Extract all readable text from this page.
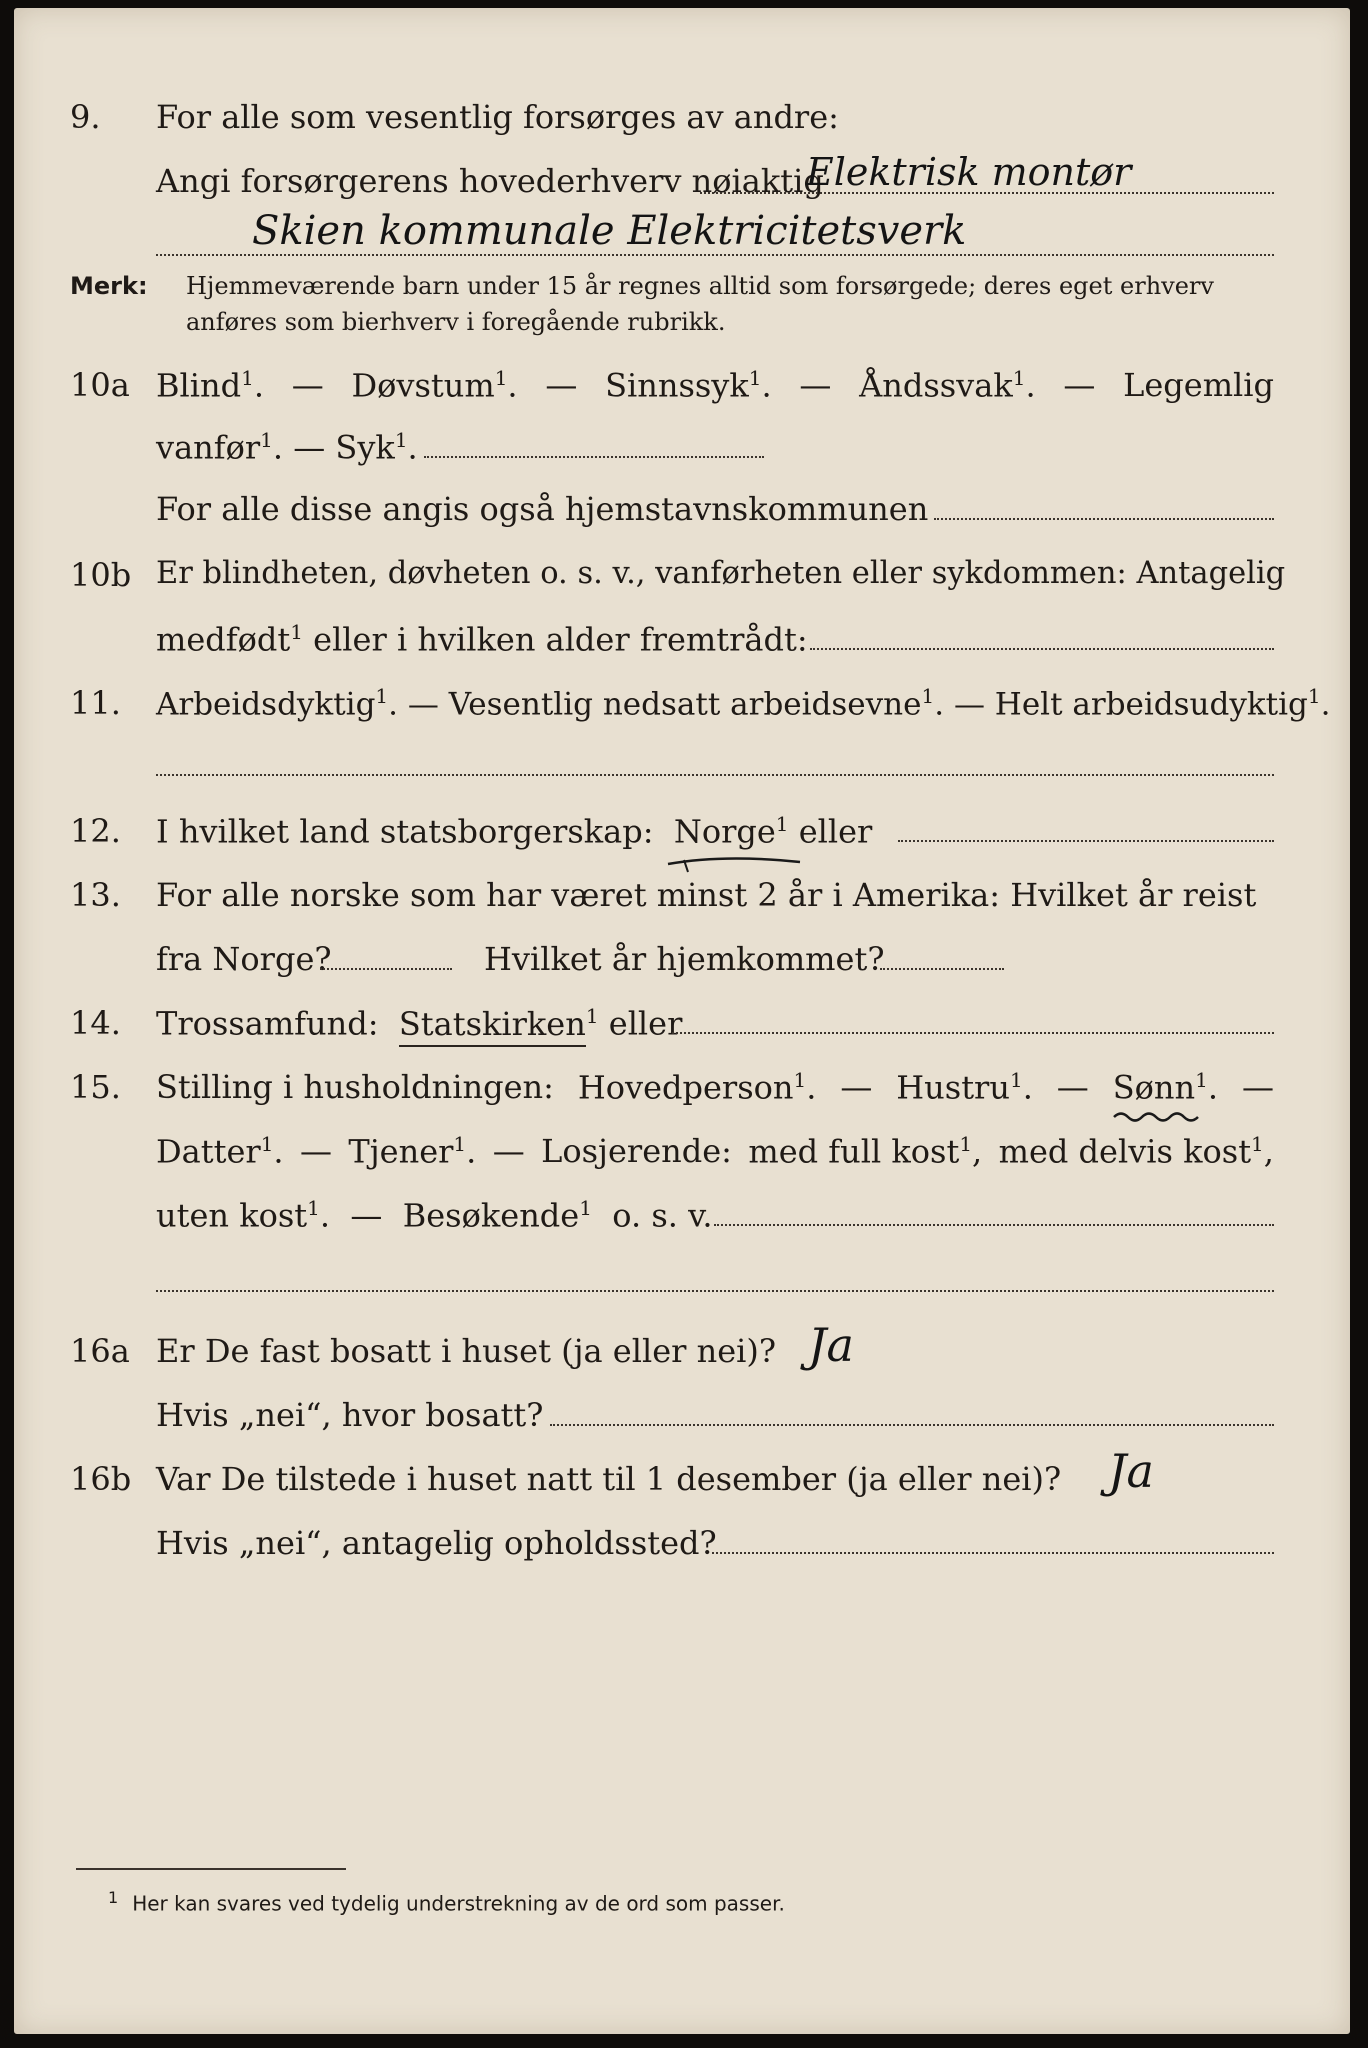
9. For alle som vesentlig forsørges av andre:
Angi forsørgerens hovederhverv nøiaktig
Elektrisk montør
Skien kommunale Elektricitetsverk
Merk: Hjemmeværende barn under 15 år regnes alltid som forsørgede; deres eget erhverv
anføres som bierhverv i foregående rubrikk.
10a Blind$^1$. — Døvstum$^1$. — Sinnssyk$^1$. — Åndssvak$^1$. — Legemlig
vanfør$^1$. — Syk$^1$.
For alle disse angis også hjemstavnskommunen
10b Er blindheten, døvheten o. s. v., vanførheten eller sykdommen: Antagelig
medfødt$^1$ eller i hvilken alder fremtrådt:
11. Arbeidsdyktig$^1$. — Vesentlig nedsatt arbeidsevne$^1$. — Helt arbeidsudyktig$^1$.
12. I hvilket land statsborgerskap: Norge$^1$ eller
13. For alle norske som har været minst 2 år i Amerika: Hvilket år reist
fra Norge?	Hvilket år hjemkommet?
14. Trossamfund: Statskirken$^1$ eller
15. Stilling i husholdningen: Hovedperson$^1$. — Hustru$^1$. — Sønn$^1$. —
Datter$^1$. — Tjener$^1$. — Losjerende: med full kost$^1$, med delvis kost$^1$,
uten kost$^1$.  — Besøkende$^1$ o. s. v.
16a Er De fast bosatt i huset (ja eller nei)? Ja
Hvis „nei“, hvor bosatt?
16b Var De tilstede i huset natt til 1 desember (ja eller nei)? Ja
Hvis „nei“, antagelig opholdssted?
$^1$ Her kan svares ved tydelig understrekning av de ord som passer.
